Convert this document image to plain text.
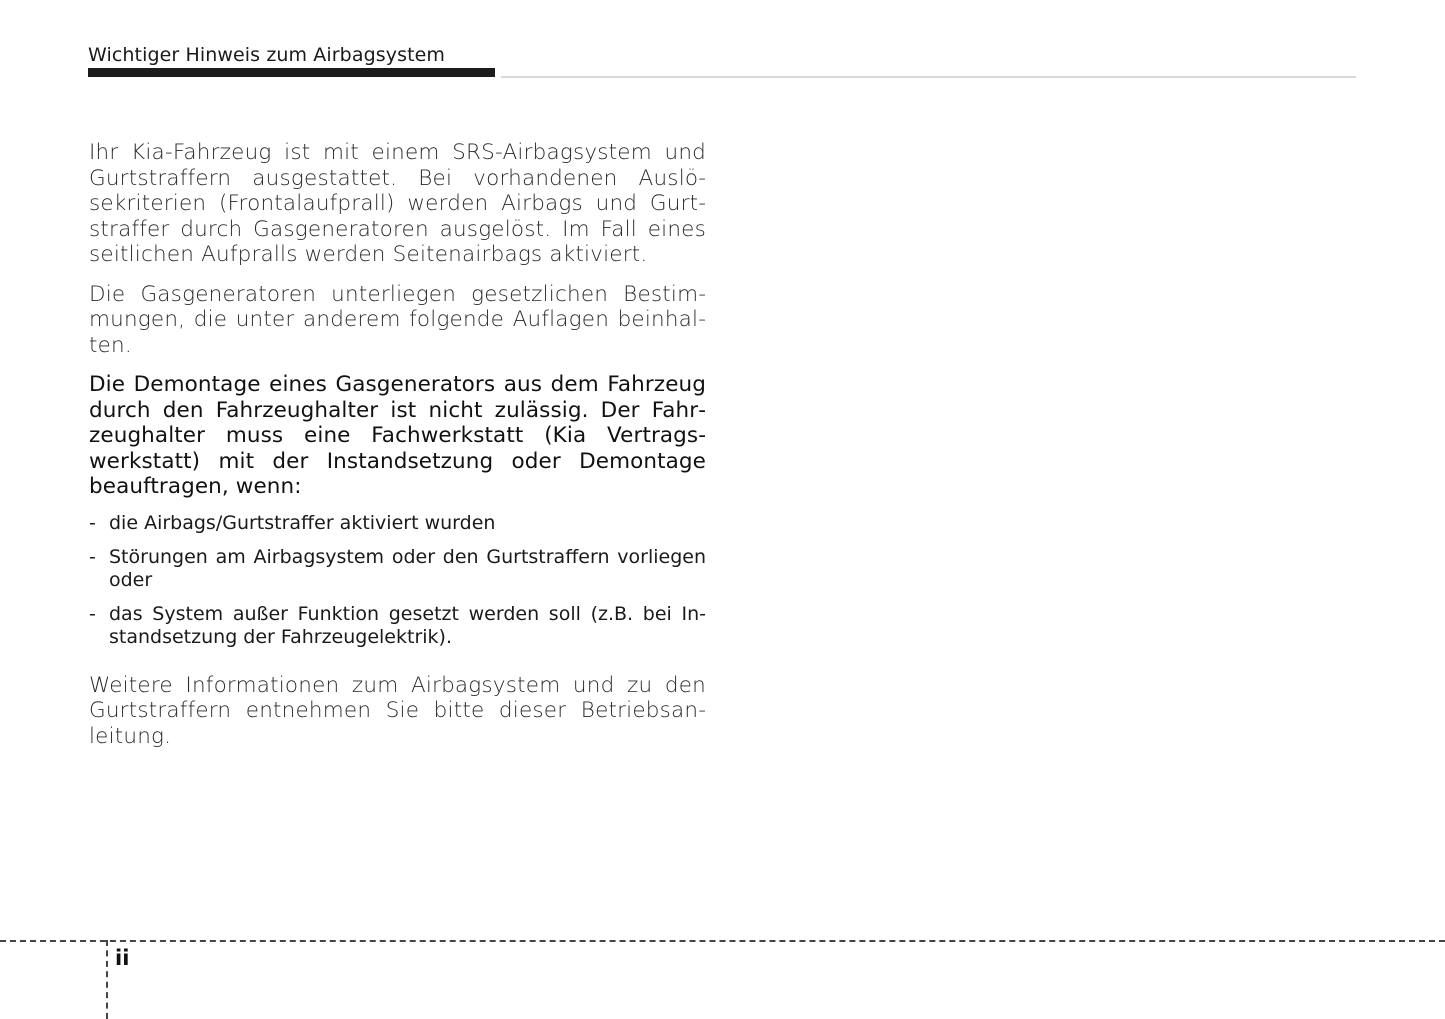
Wichtiger Hinweis zum Airbagsystem

Ihr Kia-Fahrzeug ist mit einem SRS-Airbagsystem und Gurtstraffern ausgestattet. Bei vorhandenen Auslösekriterien (Frontalaufprall) werden Airbags und Gurtstraffer durch Gasgeneratoren ausgelöst. Im Fall eines seitlichen Aufpralls werden Seitenairbags aktiviert.

Die Gasgeneratoren unterliegen gesetzlichen Bestimmungen, die unter anderem folgende Auflagen beinhalten.

Die Demontage eines Gasgenerators aus dem Fahrzeug durch den Fahrzeughalter ist nicht zulässig. Der Fahrzeughalter muss eine Fachwerkstatt (Kia Vertragswerkstatt) mit der Instandsetzung oder Demontage beauftragen, wenn:

- die Airbags/Gurtstraffer aktiviert wurden
- Störungen am Airbagsystem oder den Gurtstraffern vorliegen oder
- das System außer Funktion gesetzt werden soll (z.B. bei Instandsetzung der Fahrzeugelektrik).

Weitere Informationen zum Airbagsystem und zu den Gurtstraffern entnehmen Sie bitte dieser Betriebsanleitung.

ii
